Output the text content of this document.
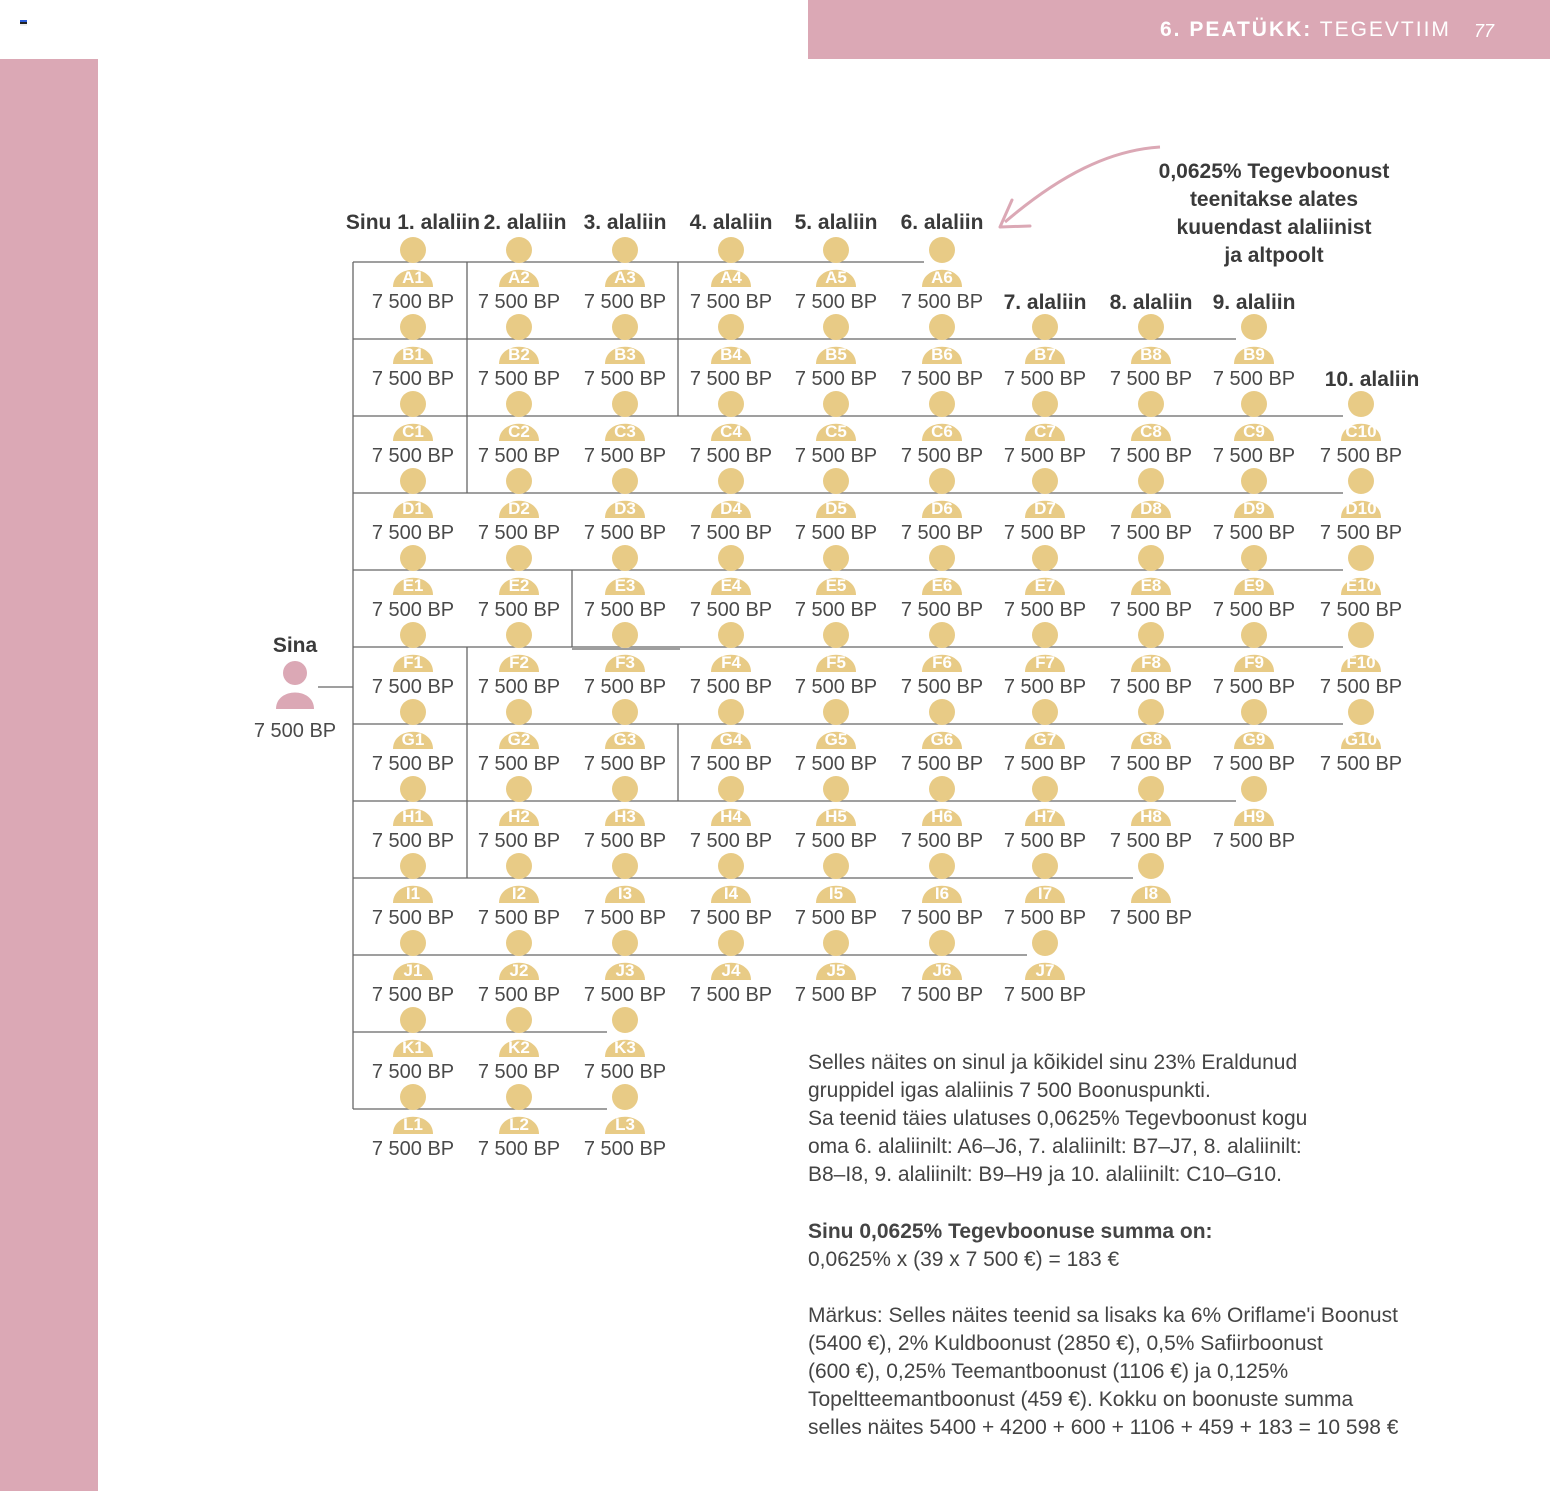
6. PEATÜKK: TEGEVTIIM 77
A1
7 500 BP
A2
7 500 BP
A3
7 500 BP
A4
7 500 BP
A5
7 500 BP
A6
7 500 BP
B1
7 500 BP
B2
7 500 BP
B3
7 500 BP
B4
7 500 BP
B5
7 500 BP
B6
7 500 BP
B7
7 500 BP
B8
7 500 BP
B9
7 500 BP
C1
7 500 BP
C2
7 500 BP
C3
7 500 BP
C4
7 500 BP
C5
7 500 BP
C6
7 500 BP
C7
7 500 BP
C8
7 500 BP
C9
7 500 BP
C10
7 500 BP
D1
7 500 BP
D2
7 500 BP
D3
7 500 BP
D4
7 500 BP
D5
7 500 BP
D6
7 500 BP
D7
7 500 BP
D8
7 500 BP
D9
7 500 BP
D10
7 500 BP
E1
7 500 BP
E2
7 500 BP
E3
7 500 BP
E4
7 500 BP
E5
7 500 BP
E6
7 500 BP
E7
7 500 BP
E8
7 500 BP
E9
7 500 BP
E10
7 500 BP
F1
7 500 BP
F2
7 500 BP
F3
7 500 BP
F4
7 500 BP
F5
7 500 BP
F6
7 500 BP
F7
7 500 BP
F8
7 500 BP
F9
7 500 BP
F10
7 500 BP
G1
7 500 BP
G2
7 500 BP
G3
7 500 BP
G4
7 500 BP
G5
7 500 BP
G6
7 500 BP
G7
7 500 BP
G8
7 500 BP
G9
7 500 BP
G10
7 500 BP
H1
7 500 BP
H2
7 500 BP
H3
7 500 BP
H4
7 500 BP
H5
7 500 BP
H6
7 500 BP
H7
7 500 BP
H8
7 500 BP
H9
7 500 BP
I1
7 500 BP
I2
7 500 BP
I3
7 500 BP
I4
7 500 BP
I5
7 500 BP
I6
7 500 BP
I7
7 500 BP
I8
7 500 BP
J1
7 500 BP
J2
7 500 BP
J3
7 500 BP
J4
7 500 BP
J5
7 500 BP
J6
7 500 BP
J7
7 500 BP
K1
7 500 BP
K2
7 500 BP
K3
7 500 BP
L1
7 500 BP
L2
7 500 BP
L3
7 500 BP
Sinu 1. alaliin 2. alaliin 3. alaliin 4. alaliin 5. alaliin 6. alaliin
7. alaliin 8. alaliin 9. alaliin
10. alaliin
Sina
7 500 BP
0,0625% Tegevboonust
teenitakse alates
kuuendast alaliinist
ja altpoolt
Selles näites on sinul ja kõikidel sinu 23% Eraldunud
gruppidel igas alaliinis 7 500 Boonuspunkti.
Sa teenid täies ulatuses 0,0625% Tegevboonust kogu
oma 6. alaliinilt: A6–J6, 7. alaliinilt: B7–J7, 8. alaliinilt:
B8–I8, 9. alaliinilt: B9–H9 ja 10. alaliinilt: C10–G10.
Sinu 0,0625% Tegevboonuse summa on:
0,0625% x (39 x 7 500 €) = 183 €
Märkus: Selles näites teenid sa lisaks ka 6% Oriflame'i Boonust
(5400 €), 2% Kuldboonust (2850 €), 0,5% Safiirboonust
(600 €), 0,25% Teemantboonust (1106 €) ja 0,125%
Topeltteemantboonust (459 €). Kokku on boonuste summa
selles näites 5400 + 4200 + 600 + 1106 + 459 + 183 = 10 598 €
